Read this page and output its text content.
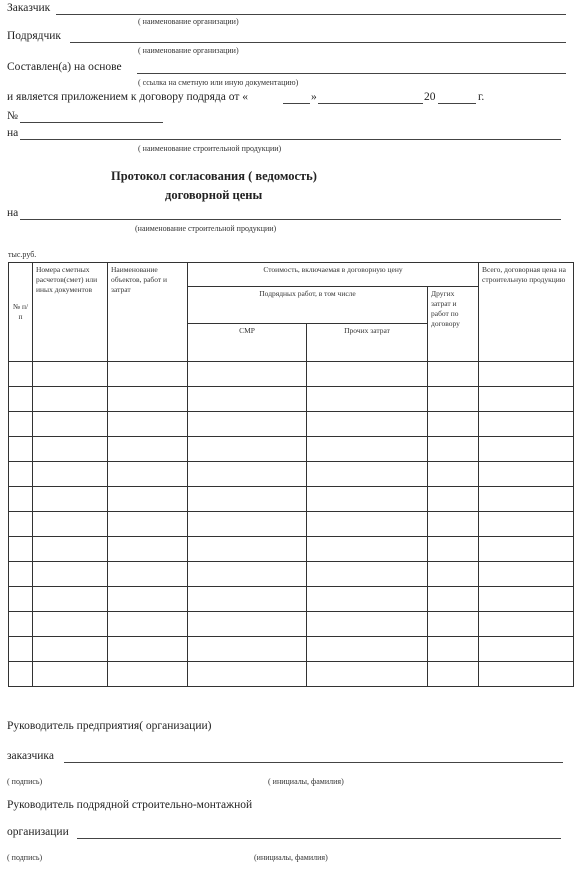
Заказчик
( наименование организации)
Подрядчик
( наименование организации)
Составлен(а) на основе
( ссылка на сметную или иную документацию)
и является приложением к договору подряда от «	»	20	г.
№
на
( наименование строительной продукции)
Протокол согласования ( ведомость)
договорной цены
на
(наименование строительной продукции)
тыс.руб.
№ п/п	Номера сметных расчетов(смет) или иных документов	Наименование объектов, работ и затрат	Стоимость, включаемая в договорную цену			Всего, договорная цена на строительную продукцию
			Подрядных работ, в том числе		Других затрат и работ по договору	
			СМР	Прочих затрат		

Руководитель предприятия( организации)
заказчика
( подпись)	( инициалы, фамилия)
Руководитель подрядной строительно-монтажной
организации
( подпись)	(инициалы, фамилия)
